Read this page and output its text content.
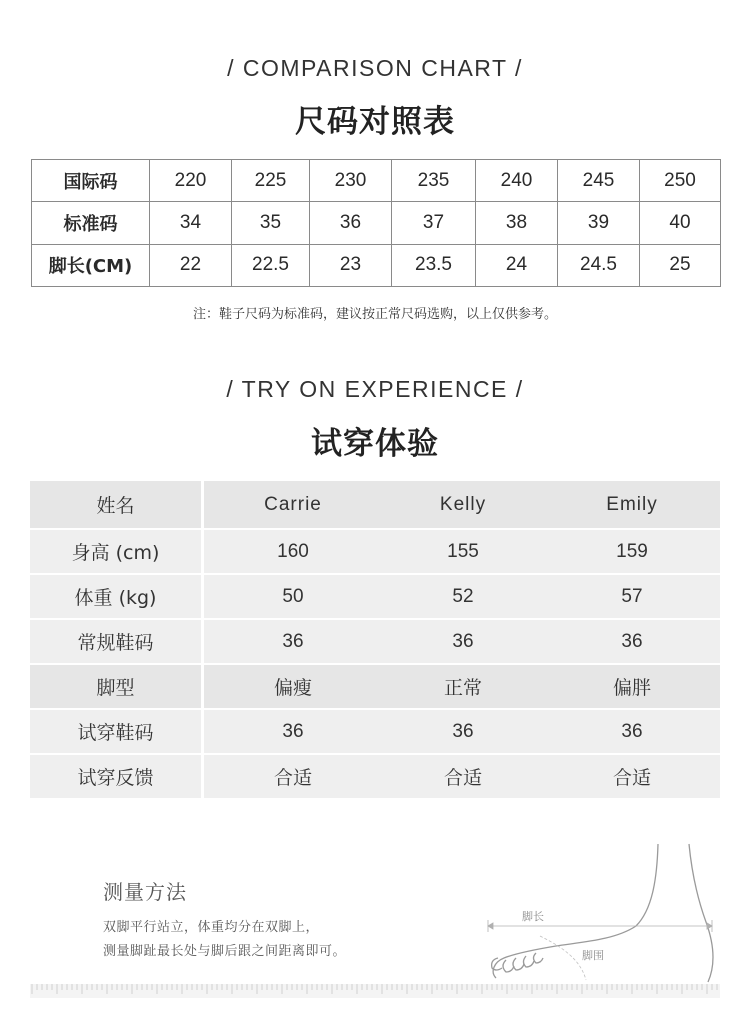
/ COMPARISON CHART /
尺码对照表
国际码	220	225	230	235	240	245	250
标准码	34	35	36	37	38	39	40
脚长(CM)	22	22.5	23	23.5	24	24.5	25
注：鞋子尺码为标准码，建议按正常尺码选购，以上仅供参考。
/ TRY ON EXPERIENCE /
试穿体验
姓名	Carrie	Kelly	Emily
身高 (cm)	160	155	159
体重 (kg)	50	52	57
常规鞋码	36	36	36
脚型	偏瘦	正常	偏胖
试穿鞋码	36	36	36
试穿反馈	合适	合适	合适
测量方法
双脚平行站立，体重均分在双脚上，
测量脚趾最长处与脚后跟之间距离即可。
脚长
脚围
